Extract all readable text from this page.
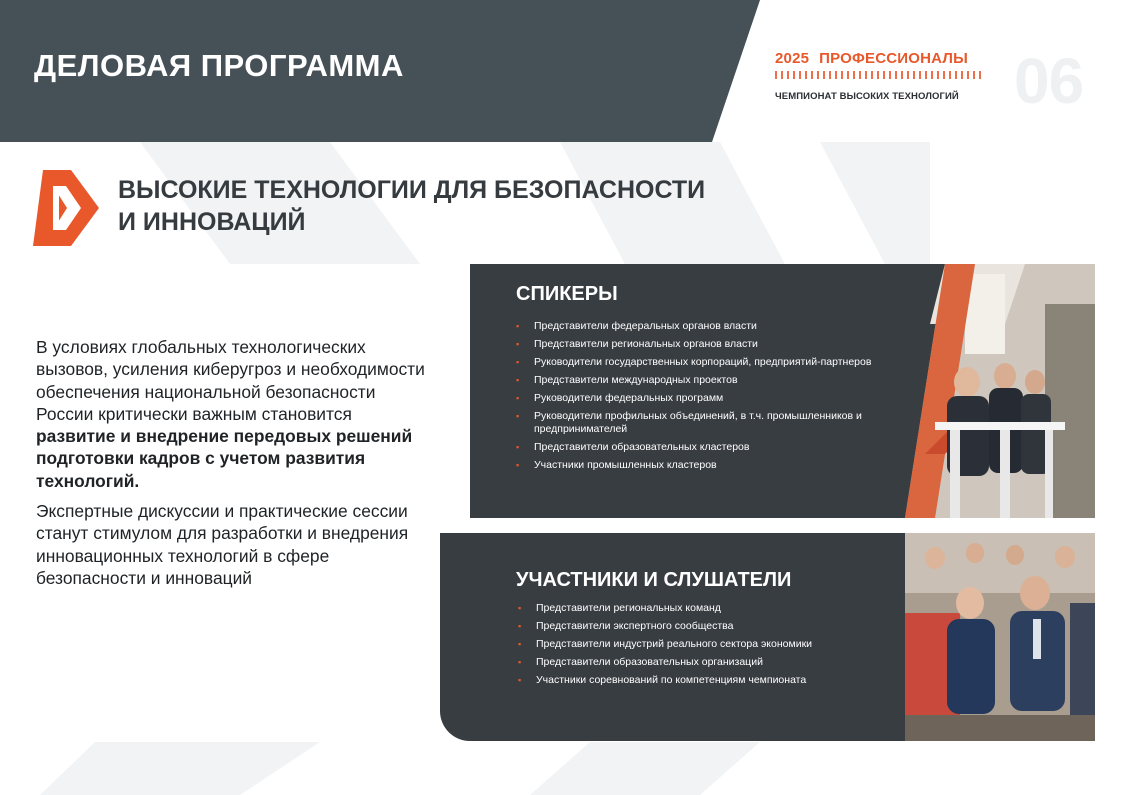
ДЕЛОВАЯ ПРОГРАММА	2025 ПРОФЕССИОНАЛЫ
ЧЕМПИОНАТ ВЫСОКИХ ТЕХНОЛОГИЙ 06
ВЫСОКИЕ ТЕХНОЛОГИИ ДЛЯ БЕЗОПАСНОСТИ
И ИННОВАЦИЙ

В условиях глобальных технологических вызовов, усиления киберугроз и необходимости обеспечения национальной безопасности России критически важным становится развитие и внедрение передовых решений подготовки кадров с учетом развития технологий.

Экспертные дискуссии и практические сессии станут стимулом для разработки и внедрения инновационных технологий в сфере безопасности и инноваций

СПИКЕРЫ
▪ Представители федеральных органов власти
▪ Представители региональных органов власти
▪ Руководители государственных корпораций, предприятий-партнеров
▪ Представители международных проектов
▪ Руководители федеральных программ
▪ Руководители профильных объединений, в т.ч. промышленников и предпринимателей
▪ Представители образовательных кластеров
▪ Участники промышленных кластеров
УЧАСТНИКИ И СЛУШАТЕЛИ
▪ Представители региональных команд
▪ Представители экспертного сообщества
▪ Представители индустрий реального сектора экономики
▪ Представители образовательных организаций
▪ Участники соревнований по компетенциям чемпионата
